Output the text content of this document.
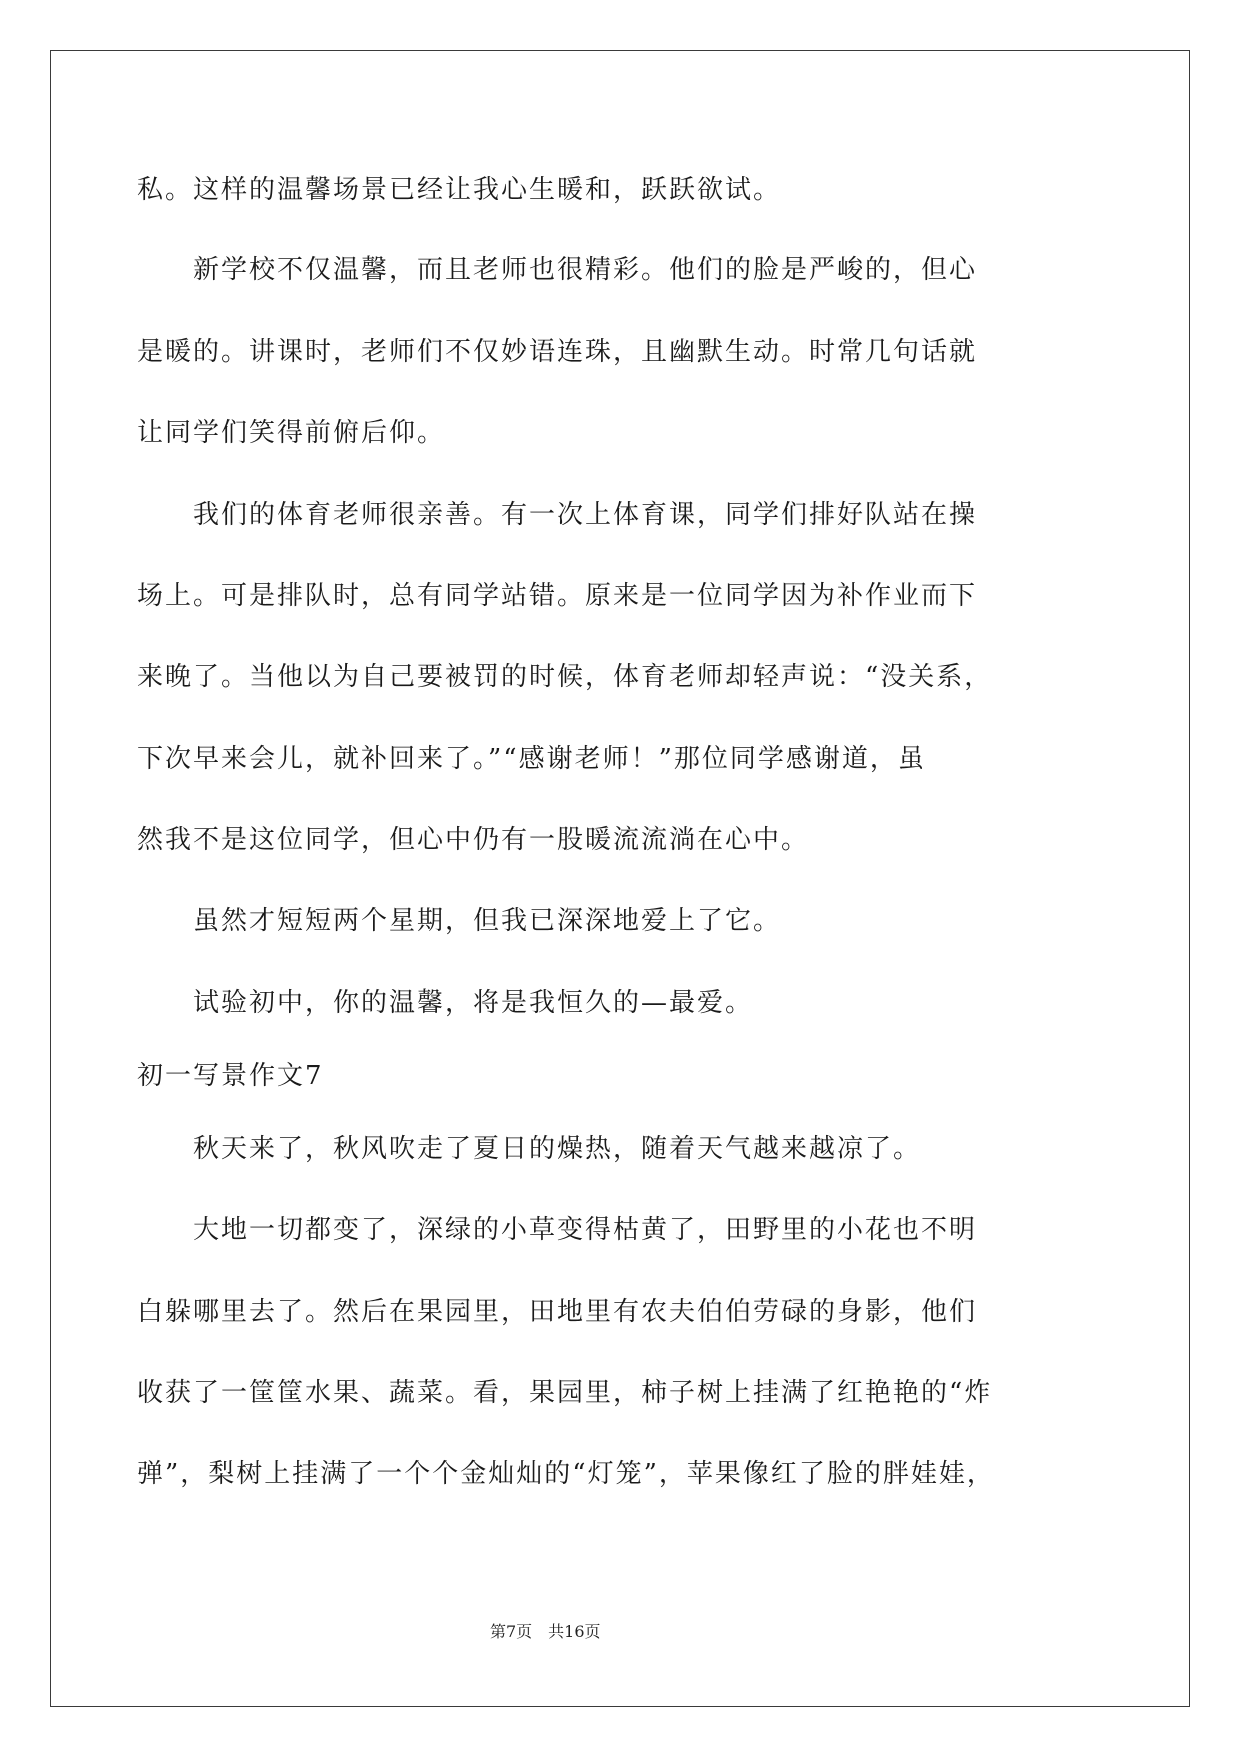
私。这样的温馨场景已经让我心生暖和，跃跃欲试。
新学校不仅温馨，而且老师也很精彩。他们的脸是严峻的，但心
是暖的。讲课时，老师们不仅妙语连珠，且幽默生动。时常几句话就
让同学们笑得前俯后仰。
我们的体育老师很亲善。有一次上体育课，同学们排好队站在操
场上。可是排队时，总有同学站错。原来是一位同学因为补作业而下
来晚了。当他以为自己要被罚的时候，体育老师却轻声说：“没关系，
下次早来会儿，就补回来了。”“感谢老师！”那位同学感谢道，虽
然我不是这位同学，但心中仍有一股暖流流淌在心中。
虽然才短短两个星期，但我已深深地爱上了它。
试验初中，你的温馨，将是我恒久的—最爱。
初一写景作文7
秋天来了，秋风吹走了夏日的燥热，随着天气越来越凉了。
大地一切都变了，深绿的小草变得枯黄了，田野里的小花也不明
白躲哪里去了。然后在果园里，田地里有农夫伯伯劳碌的身影，他们
收获了一筐筐水果、蔬菜。看，果园里，柿子树上挂满了红艳艳的“炸
弹”，梨树上挂满了一个个金灿灿的“灯笼”，苹果像红了脸的胖娃娃，
第7页　共16页
